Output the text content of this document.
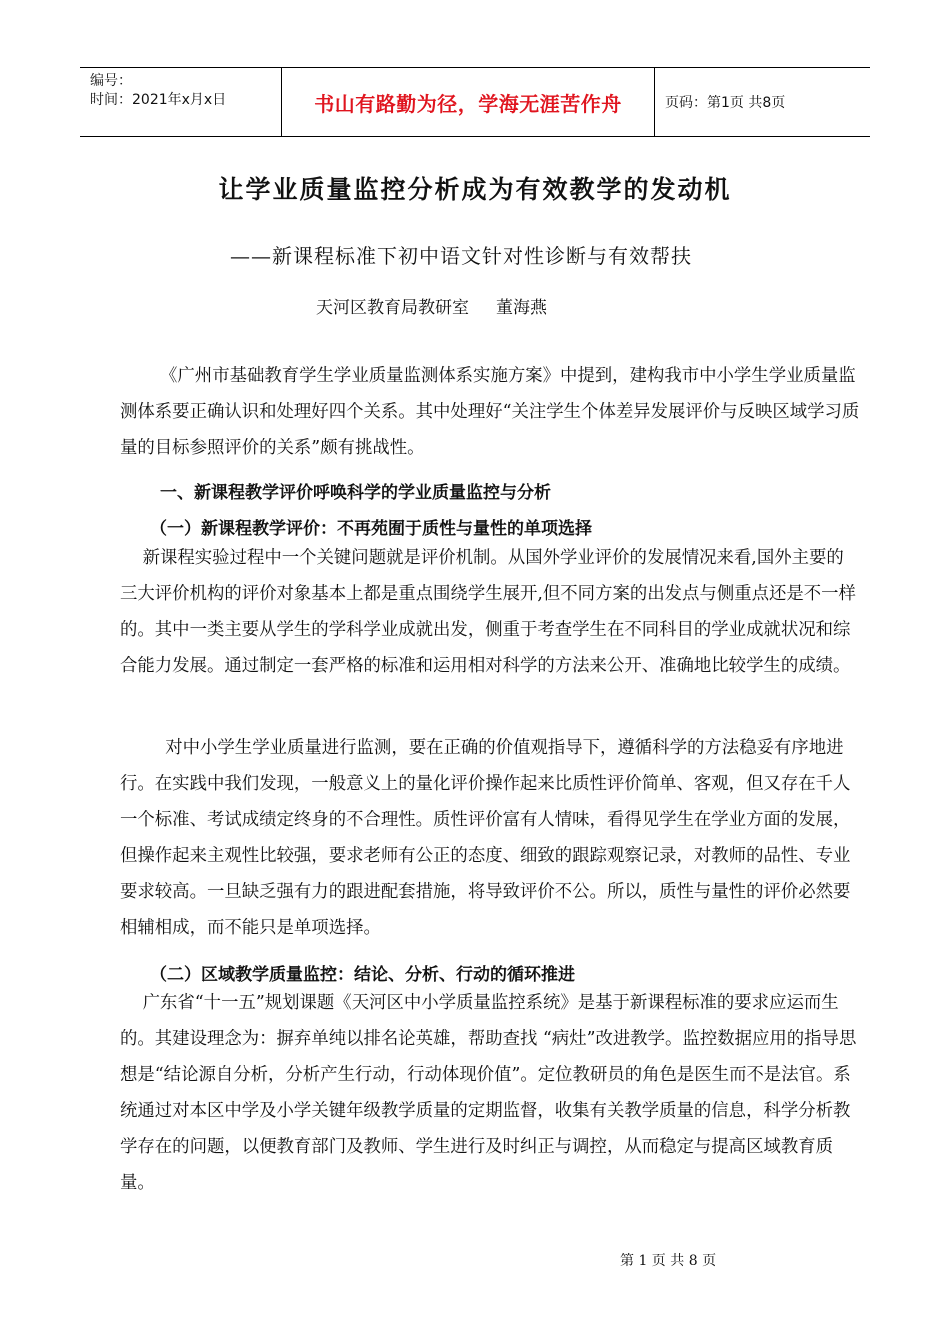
编号：
时间：2021年x月x日	书山有路勤为径，学海无涯苦作舟	页码：第1页 共8页
让学业质量监控分析成为有效教学的发动机
——新课程标准下初中语文针对性诊断与有效帮扶
天河区教育局教研室     董海燕

《广州市基础教育学生学业质量监测体系实施方案》中提到，建构我市中小学生学业质量监测体系要正确认识和处理好四个关系。其中处理好“关注学生个体差异发展评价与反映区域学习质量的目标参照评价的关系”颇有挑战性。

一、新课程教学评价呼唤科学的学业质量监控与分析
（一）新课程教学评价：不再苑囿于质性与量性的单项选择

新课程实验过程中一个关键问题就是评价机制。从国外学业评价的发展情况来看,国外主要的三大评价机构的评价对象基本上都是重点围绕学生展开,但不同方案的出发点与侧重点还是不一样的。其中一类主要从学生的学科学业成就出发，侧重于考查学生在不同科目的学业成就状况和综合能力发展。通过制定一套严格的标准和运用相对科学的方法来公开、准确地比较学生的成绩。

对中小学生学业质量进行监测，要在正确的价值观指导下，遵循科学的方法稳妥有序地进行。在实践中我们发现，一般意义上的量化评价操作起来比质性评价简单、客观，但又存在千人一个标准、考试成绩定终身的不合理性。质性评价富有人情味，看得见学生在学业方面的发展，但操作起来主观性比较强，要求老师有公正的态度、细致的跟踪观察记录，对教师的品性、专业要求较高。一旦缺乏强有力的跟进配套措施，将导致评价不公。所以，质性与量性的评价必然要相辅相成，而不能只是单项选择。

（二）区域教学质量监控：结论、分析、行动的循环推进

广东省“十一五”规划课题《天河区中小学质量监控系统》是基于新课程标准的要求应运而生的。其建设理念为：摒弃单纯以排名论英雄，帮助查找 “病灶”改进教学。监控数据应用的指导思想是“结论源自分析，分析产生行动，行动体现价值”。定位教研员的角色是医生而不是法官。系统通过对本区中学及小学关键年级教学质量的定期监督，收集有关教学质量的信息，科学分析教学存在的问题，以便教育部门及教师、学生进行及时纠正与调控，从而稳定与提高区域教育质量。

第 1 页 共 8 页
